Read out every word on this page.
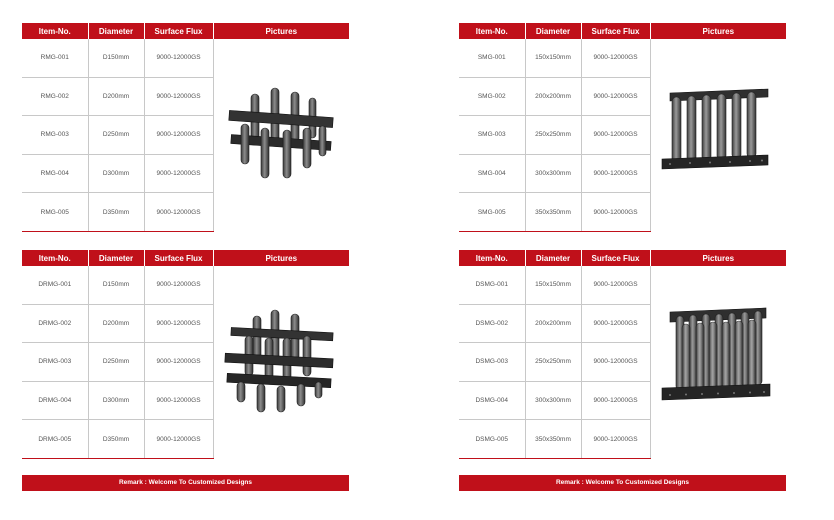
Item-No.	Diameter	Surface Flux	Pictures
RMG-001	D150mm	9000-12000GS	

RMG-002	D200mm	9000-12000GS	
RMG-003	D250mm	9000-12000GS	
RMG-004	D300mm	9000-12000GS	
RMG-005	D350mm	9000-12000GS	
Item-No.	Diameter	Surface Flux	Pictures
SMG-001	150x150mm	9000-12000GS	

SMG-002	200x200mm	9000-12000GS	
SMG-003	250x250mm	9000-12000GS	
SMG-004	300x300mm	9000-12000GS	
SMG-005	350x350mm	9000-12000GS	
Item-No.	Diameter	Surface Flux	Pictures
DRMG-001	D150mm	9000-12000GS	

DRMG-002	D200mm	9000-12000GS	
DRMG-003	D250mm	9000-12000GS	
DRMG-004	D300mm	9000-12000GS	
DRMG-005	D350mm	9000-12000GS	
Item-No.	Diameter	Surface Flux	Pictures
DSMG-001	150x150mm	9000-12000GS	

DSMG-002	200x200mm	9000-12000GS	
DSMG-003	250x250mm	9000-12000GS	
DSMG-004	300x300mm	9000-12000GS	
DSMG-005	350x350mm	9000-12000GS	
Remark : Welcome To Customized Designs	Remark : Welcome To Customized Designs
